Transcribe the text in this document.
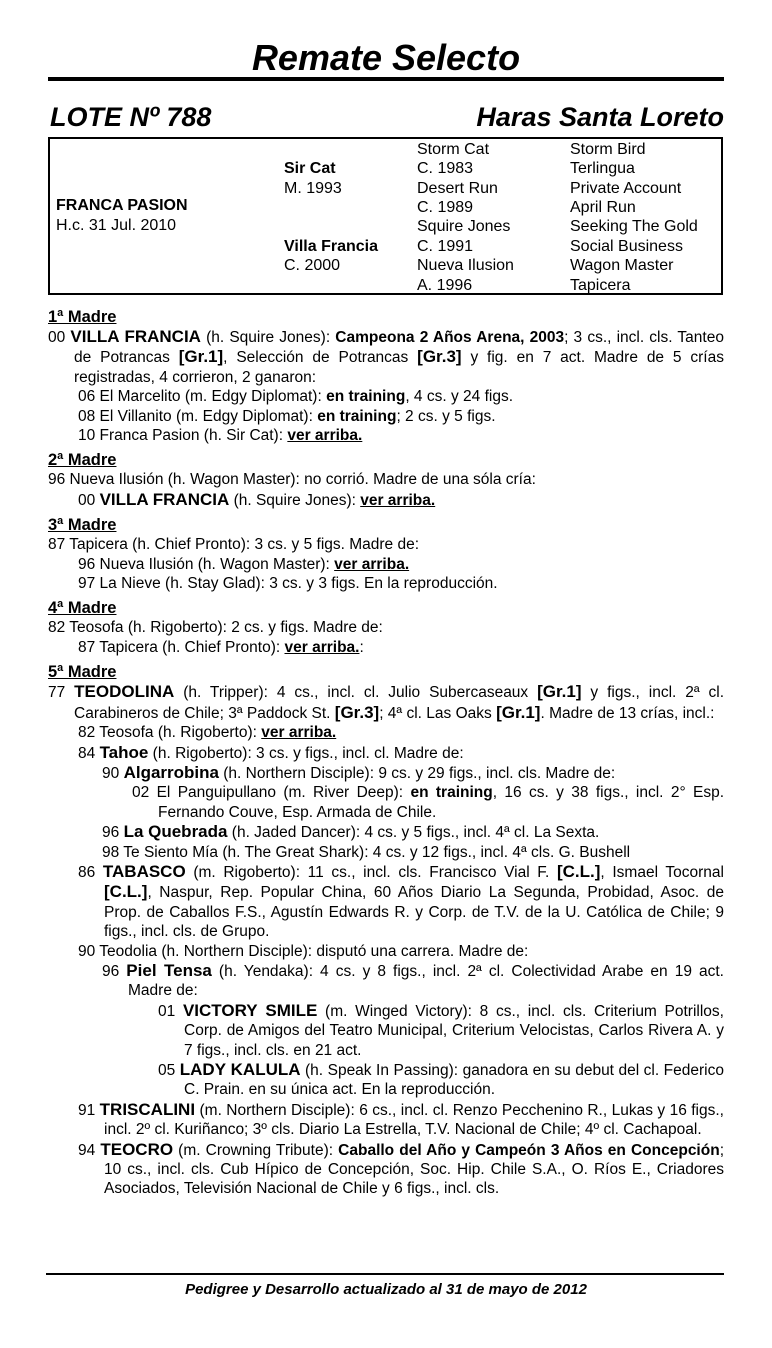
Remate Selecto
LOTE Nº 788	Haras Santa Loreto
FRANCA PASION
H.c. 31 Jul. 2010
Sir Cat
M. 1993
Villa Francia
C. 2000
Storm Cat
C. 1983
Desert Run
C. 1989
Squire Jones
C. 1991
Nueva Ilusion
A. 1996
Storm Bird
Terlingua
Private Account
April Run
Seeking The Gold
Social Business
Wagon Master
Tapicera
1ª Madre
00 VILLA FRANCIA (h. Squire Jones): Campeona 2 Años Arena, 2003; 3 cs., incl. cls. Tanteo de Potrancas [Gr.1], Selección de Potrancas [Gr.3] y fig. en 7 act. Madre de 5 crías registradas, 4 corrieron, 2 ganaron:
06 El Marcelito (m. Edgy Diplomat): en training, 4 cs. y 24 figs.
08 El Villanito (m. Edgy Diplomat): en training; 2 cs. y 5 figs.
10 Franca Pasion (h. Sir Cat): ver arriba.
2ª Madre
96 Nueva Ilusión (h. Wagon Master): no corrió. Madre de una sóla cría:
00 VILLA FRANCIA (h. Squire Jones): ver arriba.
3ª Madre
87 Tapicera (h. Chief Pronto): 3 cs. y 5 figs. Madre de:
96 Nueva Ilusión (h. Wagon Master): ver arriba.
97 La Nieve (h. Stay Glad): 3 cs. y 3 figs. En la reproducción.
4ª Madre
82 Teosofa (h. Rigoberto): 2 cs. y figs. Madre de:
87 Tapicera (h. Chief Pronto): ver arriba.:
5ª Madre
77 TEODOLINA (h. Tripper): 4 cs., incl. cl. Julio Subercaseaux [Gr.1] y figs., incl. 2ª cl. Carabineros de Chile; 3ª Paddock St. [Gr.3]; 4ª cl. Las Oaks [Gr.1]. Madre de 13 crías, incl.:
82 Teosofa (h. Rigoberto): ver arriba.
84 Tahoe (h. Rigoberto): 3 cs. y figs., incl. cl. Madre de:
90 Algarrobina (h. Northern Disciple): 9 cs. y 29 figs., incl. cls. Madre de:
02 El Panguipullano (m. River Deep): en training, 16 cs. y 38 figs., incl. 2° Esp. Fernando Couve, Esp. Armada de Chile.
96 La Quebrada (h. Jaded Dancer): 4 cs. y 5 figs., incl. 4ª cl. La Sexta.
98 Te Siento Mía (h. The Great Shark): 4 cs. y 12 figs., incl. 4ª cls. G. Bushell
86 TABASCO (m. Rigoberto): 11 cs., incl. cls. Francisco Vial F. [C.L.], Ismael Tocornal [C.L.], Naspur, Rep. Popular China, 60 Años Diario La Segunda, Probidad, Asoc. de Prop. de Caballos F.S., Agustín Edwards R. y Corp. de T.V. de la U. Católica de Chile; 9 figs., incl. cls. de Grupo.
90 Teodolia (h. Northern Disciple): disputó una carrera. Madre de:
96 Piel Tensa (h. Yendaka): 4 cs. y 8 figs., incl. 2ª cl. Colectividad Arabe en 19 act. Madre de:
01 VICTORY SMILE (m. Winged Victory): 8 cs., incl. cls. Criterium Potrillos, Corp. de Amigos del Teatro Municipal, Criterium Velocistas, Carlos Rivera A. y 7 figs., incl. cls. en 21 act.
05 LADY KALULA (h. Speak In Passing): ganadora en su debut del cl. Federico C. Prain. en su única act. En la reproducción.
91 TRISCALINI (m. Northern Disciple): 6 cs., incl. cl. Renzo Pecchenino R., Lukas y 16 figs., incl. 2º cl. Kuriñanco; 3º cls. Diario La Estrella, T.V. Nacional de Chile; 4º cl. Cachapoal.
94 TEOCRO (m. Crowning Tribute): Caballo del Año y Campeón 3 Años en Concepción; 10 cs., incl. cls. Cub Hípico de Concepción, Soc. Hip. Chile S.A., O. Ríos E., Criadores Asociados, Televisión Nacional de Chile y 6 figs., incl. cls.
Pedigree y Desarrollo actualizado al 31 de mayo de 2012
